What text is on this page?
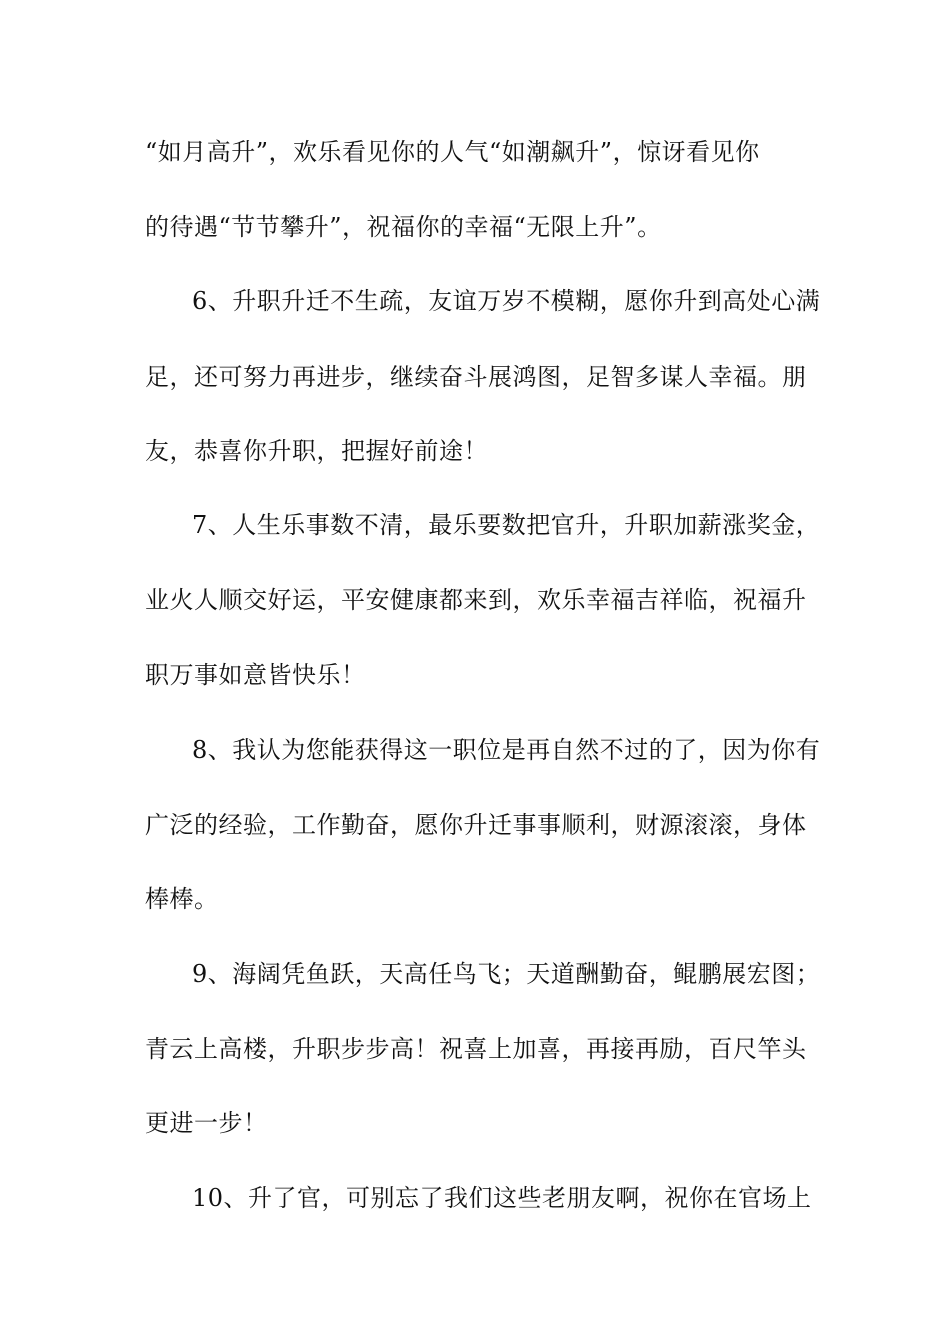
“如月高升”，欢乐看见你的人气“如潮飙升”，惊讶看见你
的待遇“节节攀升”，祝福你的幸福“无限上升”。
6、升职升迁不生疏，友谊万岁不模糊，愿你升到高处心满
足，还可努力再进步，继续奋斗展鸿图，足智多谋人幸福。朋
友，恭喜你升职，把握好前途！
7、人生乐事数不清，最乐要数把官升，升职加薪涨奖金，
业火人顺交好运，平安健康都来到，欢乐幸福吉祥临，祝福升
职万事如意皆快乐！
8、我认为您能获得这一职位是再自然不过的了，因为你有
广泛的经验，工作勤奋，愿你升迁事事顺利，财源滚滚，身体
棒棒。
9、海阔凭鱼跃，天高任鸟飞；天道酬勤奋，鲲鹏展宏图；
青云上高楼，升职步步高！祝喜上加喜，再接再励，百尺竿头
更进一步！
10、升了官，可别忘了我们这些老朋友啊，祝你在官场上
